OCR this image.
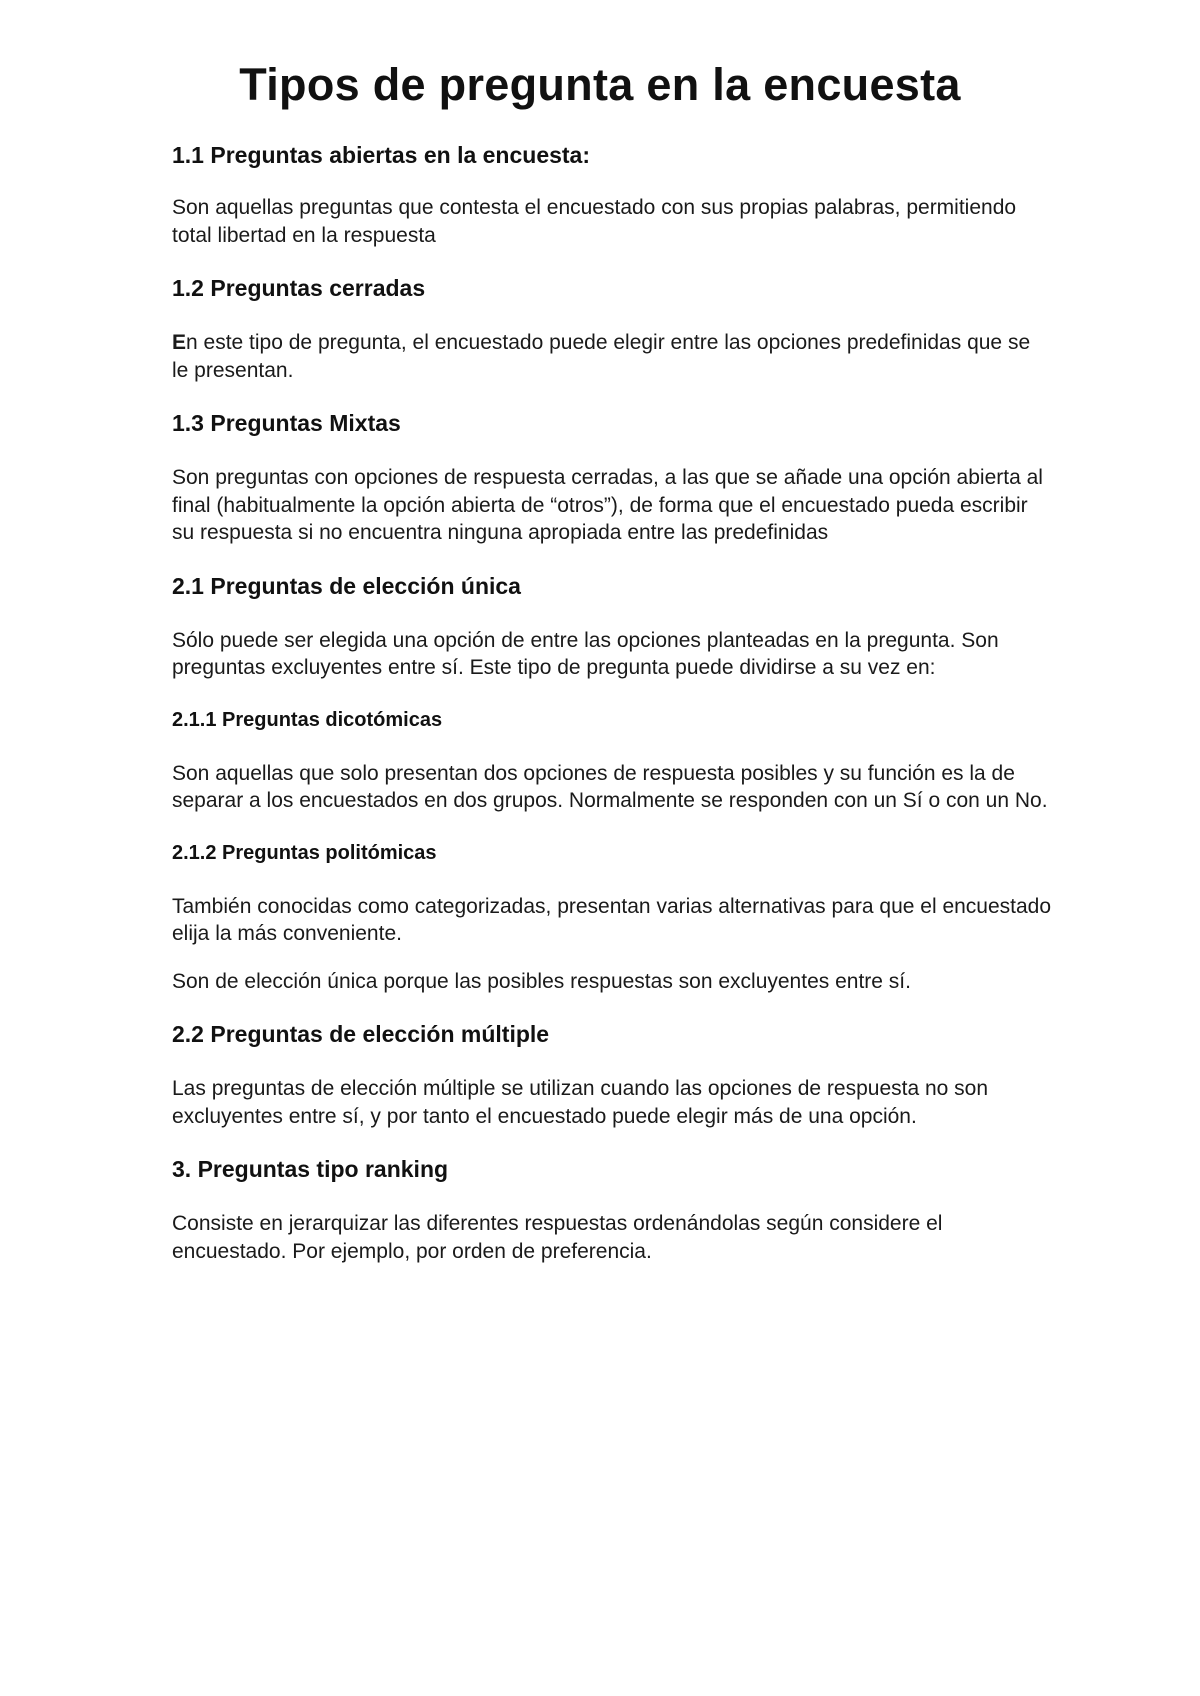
Tipos de pregunta en la encuesta
1.1 Preguntas abiertas en la encuesta:
Son aquellas preguntas que contesta el encuestado con sus propias palabras, permitiendo total libertad en la respuesta
1.2 Preguntas cerradas
En este tipo de pregunta, el encuestado puede elegir entre las opciones predefinidas que se le presentan.
1.3 Preguntas Mixtas
Son preguntas con opciones de respuesta cerradas, a las que se añade una opción abierta al final (habitualmente la opción abierta de “otros”), de forma que el encuestado pueda escribir su respuesta si no encuentra ninguna apropiada entre las predefinidas
2.1 Preguntas de elección única
Sólo puede ser elegida una opción de entre las opciones planteadas en la pregunta. Son preguntas excluyentes entre sí. Este tipo de pregunta puede dividirse a su vez en:
2.1.1 Preguntas dicotómicas
Son aquellas que solo presentan dos opciones de respuesta posibles y su función es la de separar a los encuestados en dos grupos. Normalmente se responden con un Sí o con un No.
2.1.2 Preguntas politómicas
También conocidas como categorizadas, presentan varias alternativas para que el encuestado elija la más conveniente.
Son de elección única porque las posibles respuestas son excluyentes entre sí.
2.2 Preguntas de elección múltiple
Las preguntas de elección múltiple se utilizan cuando las opciones de respuesta no son excluyentes entre sí, y por tanto el encuestado puede elegir más de una opción.
3. Preguntas tipo ranking
Consiste en jerarquizar las diferentes respuestas ordenándolas según considere el encuestado. Por ejemplo, por orden de preferencia.
